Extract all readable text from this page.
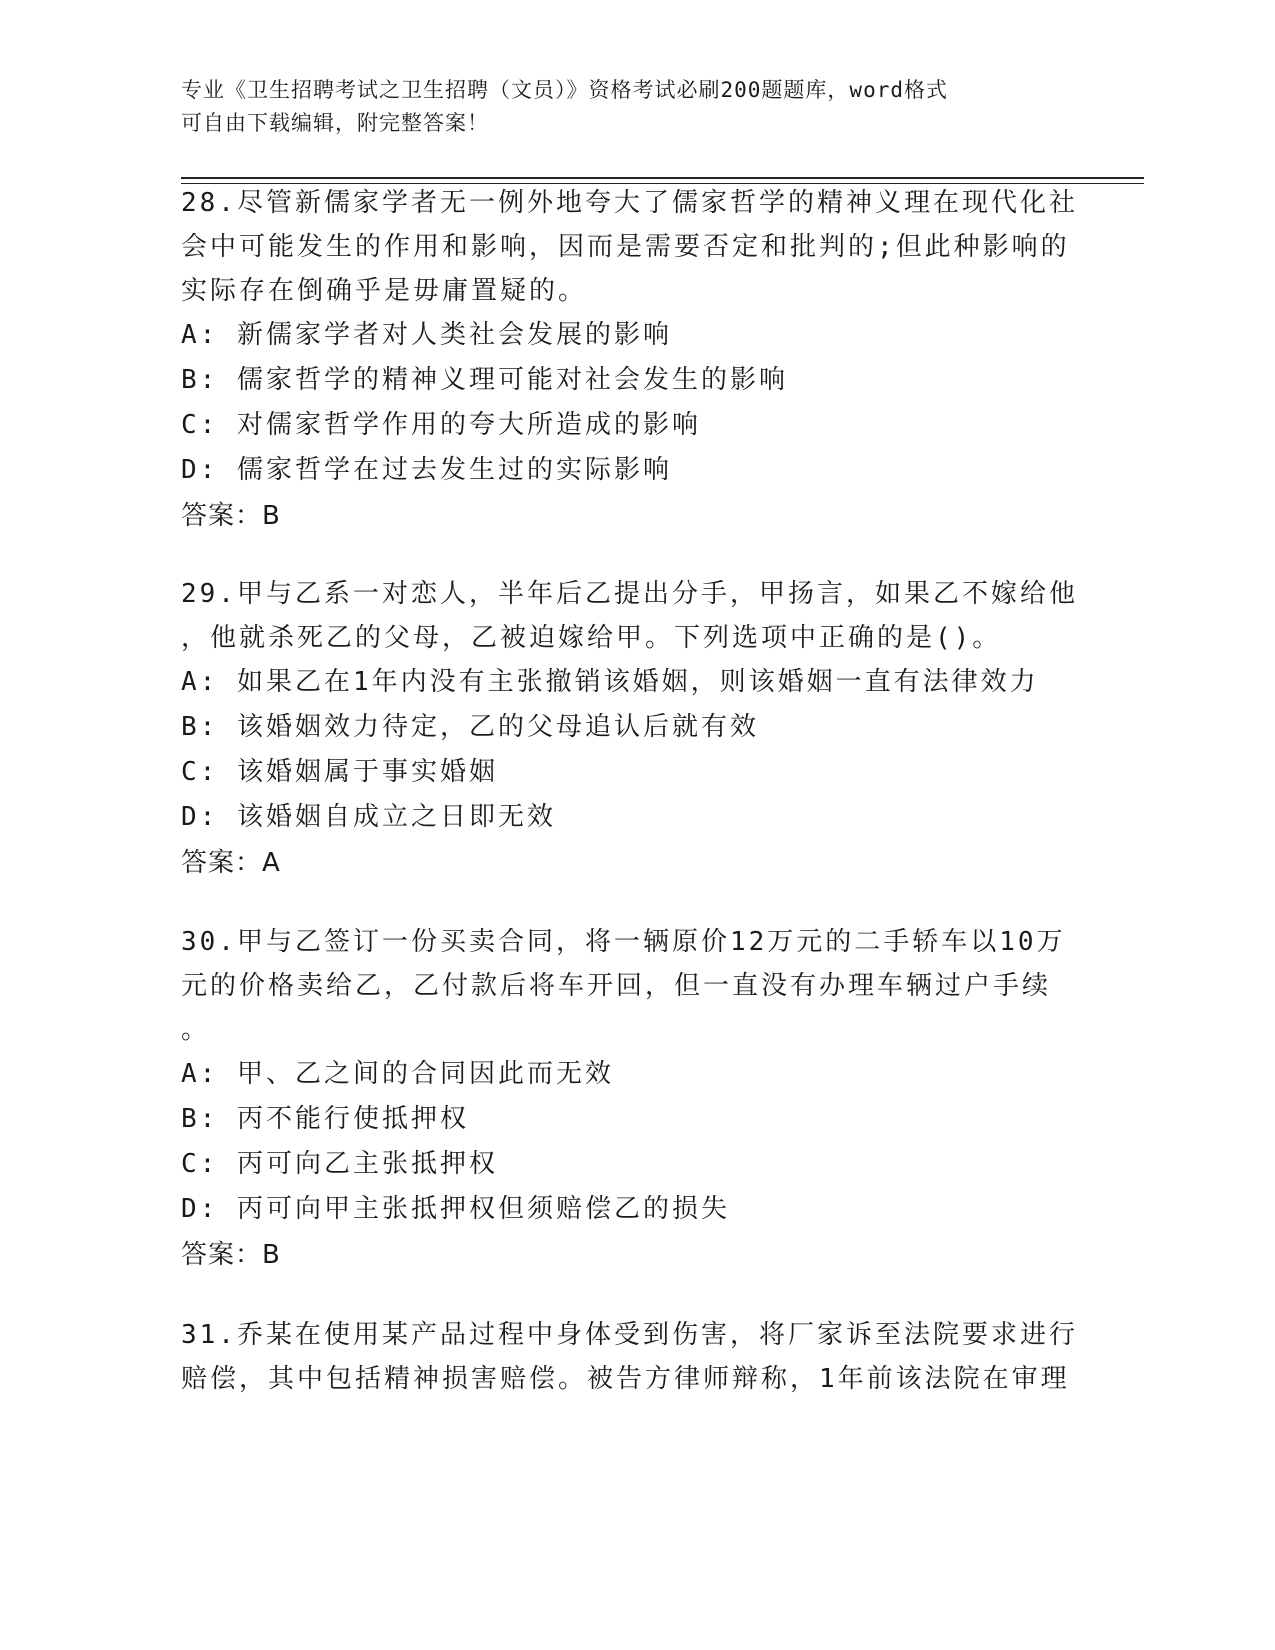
专业《卫生招聘考试之卫生招聘（文员）》资格考试必刷200题题库，word格式
可自由下载编辑，附完整答案！
28.尽管新儒家学者无一例外地夸大了儒家哲学的精神义理在现代化社
会中可能发生的作用和影响，因而是需要否定和批判的;但此种影响的
实际存在倒确乎是毋庸置疑的。
A: 新儒家学者对人类社会发展的影响
B: 儒家哲学的精神义理可能对社会发生的影响
C: 对儒家哲学作用的夸大所造成的影响
D: 儒家哲学在过去发生过的实际影响
答案：B
29.甲与乙系一对恋人，半年后乙提出分手，甲扬言，如果乙不嫁给他
，他就杀死乙的父母，乙被迫嫁给甲。下列选项中正确的是()。
A: 如果乙在1年内没有主张撤销该婚姻，则该婚姻一直有法律效力
B: 该婚姻效力待定，乙的父母追认后就有效
C: 该婚姻属于事实婚姻
D: 该婚姻自成立之日即无效
答案：A
30.甲与乙签订一份买卖合同，将一辆原价12万元的二手轿车以10万
元的价格卖给乙，乙付款后将车开回，但一直没有办理车辆过户手续
。
A: 甲、乙之间的合同因此而无效
B: 丙不能行使抵押权
C: 丙可向乙主张抵押权
D: 丙可向甲主张抵押权但须赔偿乙的损失
答案：B
31.乔某在使用某产品过程中身体受到伤害，将厂家诉至法院要求进行
赔偿，其中包括精神损害赔偿。被告方律师辩称，1年前该法院在审理
